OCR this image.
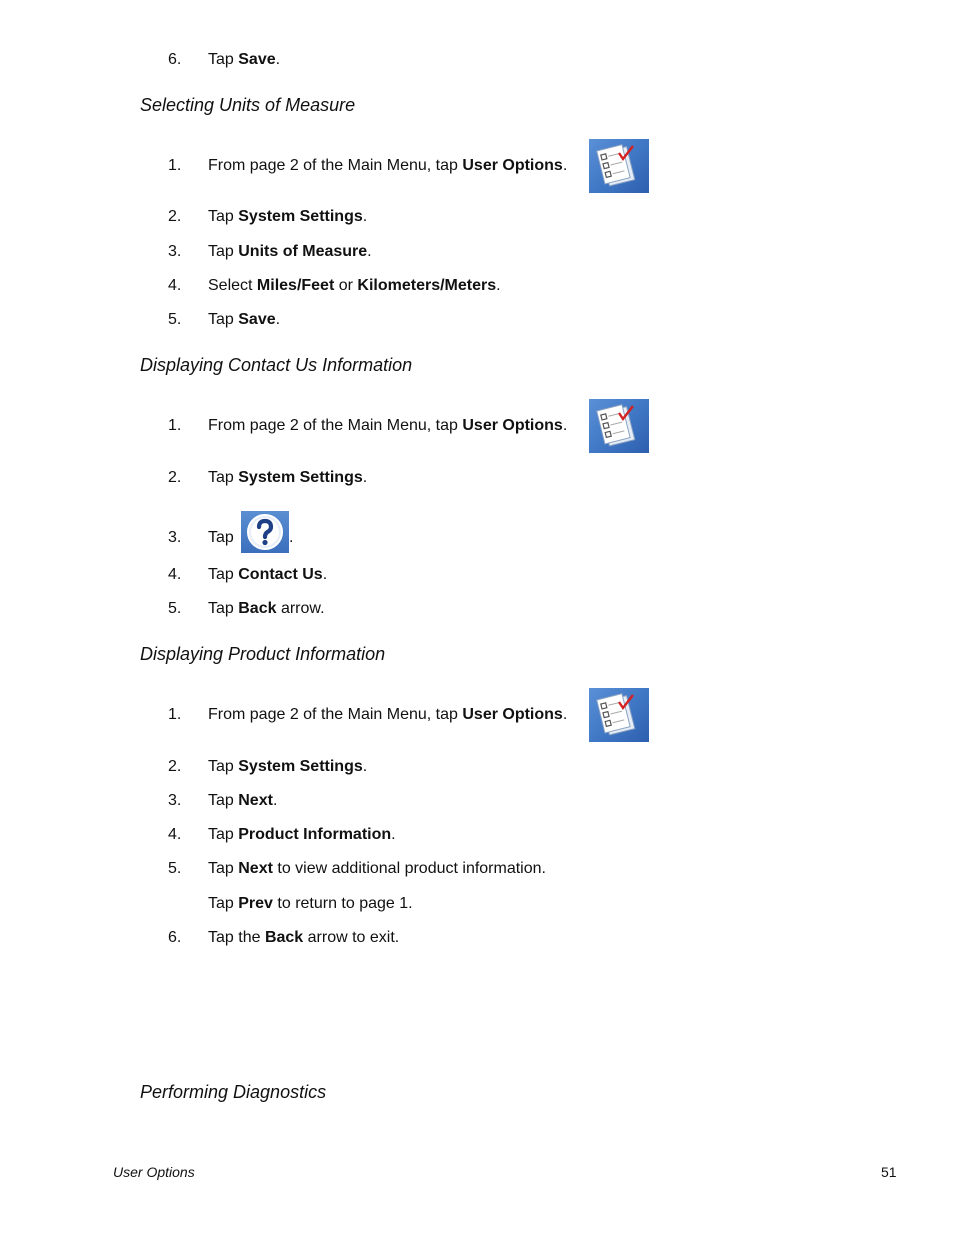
6.	Tap Save.
Selecting Units of Measure
1.	From page 2 of the Main Menu, tap User Options.
2.	Tap System Settings.
3.	Tap Units of Measure.
4.	Select Miles/Feet or Kilometers/Meters.
5.	Tap Save.
Displaying Contact Us Information
1.	From page 2 of the Main Menu, tap User Options.
2.	Tap System Settings.
3.	Tap	.
4.	Tap Contact Us.
5.	Tap Back arrow.
Displaying Product Information
1.	From page 2 of the Main Menu, tap User Options.
2.	Tap System Settings.
3.	Tap Next.
4.	Tap Product Information.
5.	Tap Next to view additional product information.
Tap Prev to return to page 1.
6.	Tap the Back arrow to exit.
Performing Diagnostics
User Options	51
